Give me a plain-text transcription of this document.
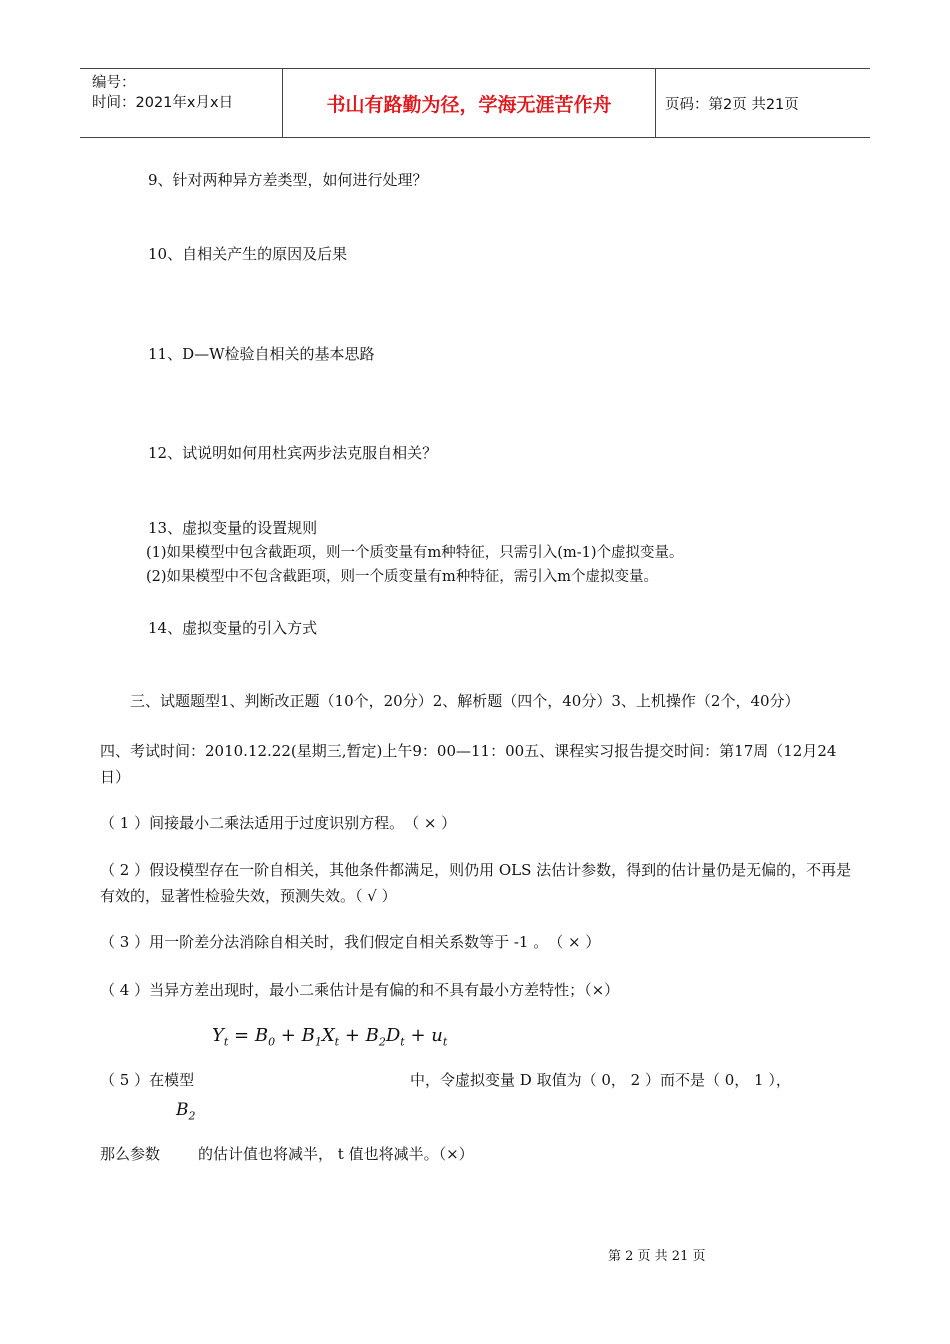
编号：
时间：2021年x月x日	书山有路勤为径，学海无涯苦作舟	页码：第2页 共21页
9、针对两种异方差类型，如何进行处理？
10、自相关产生的原因及后果
11、D—W检验自相关的基本思路
12、试说明如何用杜宾两步法克服自相关？
13、虚拟变量的设置规则
(1)如果模型中包含截距项，则一个质变量有m种特征，只需引入(m-1)个虚拟变量。
(2)如果模型中不包含截距项，则一个质变量有m种特征，需引入m个虚拟变量。
14、虚拟变量的引入方式
　　三、试题题型1、判断改正题（10个，20分）2、解析题（四个，40分）3、上机操作（2个，40分）
四、考试时间：2010.12.22(星期三,暂定)上午9：00—11：00五、课程实习报告提交时间：第17周（12月24日）
（ 1 ）间接最小二乘法适用于过度识别方程。　（ × ）
（ 2 ）假设模型存在一阶自相关，其他条件都满足，则仍用 OLS 法估计参数，得到的估计量仍是无偏的，不再是有效的，显著性检验失效，预测失效。（ √ ）
（ 3 ）用一阶差分法消除自相关时，我们假定自相关系数等于 -1 。　（ × ）
（ 4 ）当异方差出现时，最小二乘估计是有偏的和不具有最小方差特性；（×）
$Y_t = B_0 + B_1X_t + B_2D_t + u_t$
（ 5 ）在模型	中，令虚拟变量 D 取值为（ 0， 2 ）而不是（ 0， 1 ），
$B_2$
那么参数	的估计值也将减半， t 值也将减半。（×）
第 2 页 共 21 页
